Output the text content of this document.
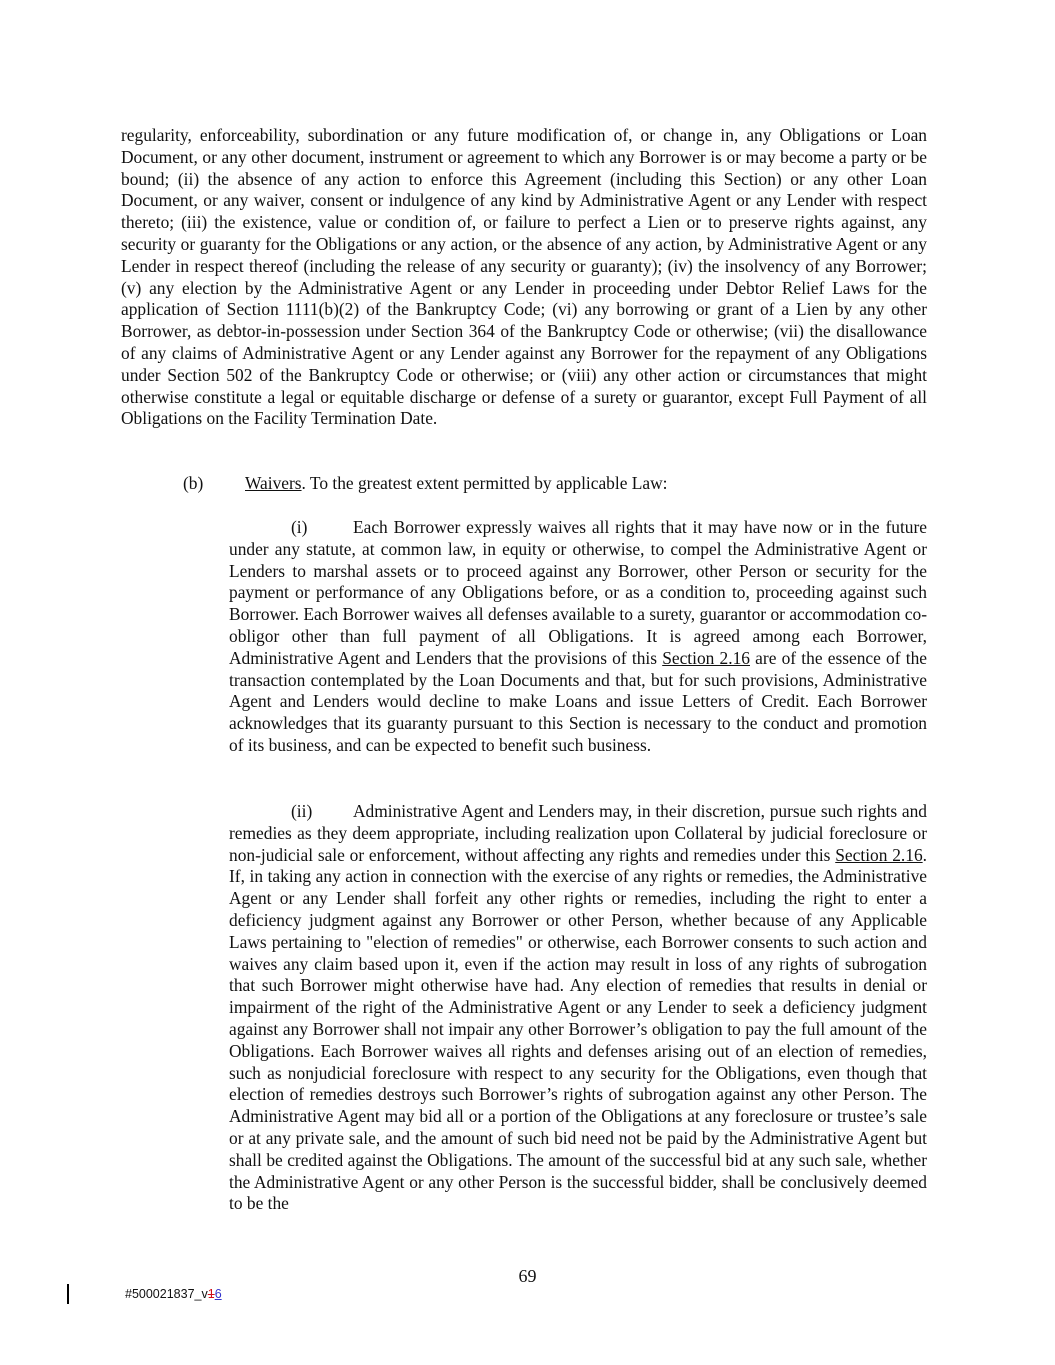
regularity, enforceability, subordination or any future modification of, or change in, any Obligations or Loan Document, or any other document, instrument or agreement to which any Borrower is or may become a party or be bound; (ii) the absence of any action to enforce this Agreement (including this Section) or any other Loan Document, or any waiver, consent or indulgence of any kind by Administrative Agent or any Lender with respect thereto; (iii) the existence, value or condition of, or failure to perfect a Lien or to preserve rights against, any security or guaranty for the Obligations or any action, or the absence of any action, by Administrative Agent or any Lender in respect thereof (including the release of any security or guaranty); (iv) the insolvency of any Borrower; (v) any election by the Administrative Agent or any Lender in proceeding under Debtor Relief Laws for the application of Section 1111(b)(2) of the Bankruptcy Code; (vi) any borrowing or grant of a Lien by any other Borrower, as debtor-in-possession under Section 364 of the Bankruptcy Code or otherwise; (vii) the disallowance of any claims of Administrative Agent or any Lender against any Borrower for the repayment of any Obligations under Section 502 of the Bankruptcy Code or otherwise; or (viii) any other action or circumstances that might otherwise constitute a legal or equitable discharge or defense of a surety or guarantor, except Full Payment of all Obligations on the Facility Termination Date.
(b) Waivers. To the greatest extent permitted by applicable Law:
(i)	Each Borrower expressly waives all rights that it may have now or in the future under any statute, at common law, in equity or otherwise, to compel the Administrative Agent or Lenders to marshal assets or to proceed against any Borrower, other Person or security for the payment or performance of any Obligations before, or as a condition to, proceeding against such Borrower. Each Borrower waives all defenses available to a surety, guarantor or accommodation co-obligor other than full payment of all Obligations. It is agreed among each Borrower, Administrative Agent and Lenders that the provisions of this Section 2.16 are of the essence of the transaction contemplated by the Loan Documents and that, but for such provisions, Administrative Agent and Lenders would decline to make Loans and issue Letters of Credit. Each Borrower acknowledges that its guaranty pursuant to this Section is necessary to the conduct and promotion of its business, and can be expected to benefit such business.
(ii) Administrative Agent and Lenders may, in their discretion, pursue such rights and remedies as they deem appropriate, including realization upon Collateral by judicial foreclosure or non-judicial sale or enforcement, without affecting any rights and remedies under this Section 2.16. If, in taking any action in connection with the exercise of any rights or remedies, the Administrative Agent or any Lender shall forfeit any other rights or remedies, including the right to enter a deficiency judgment against any Borrower or other Person, whether because of any Applicable Laws pertaining to "election of remedies" or otherwise, each Borrower consents to such action and waives any claim based upon it, even if the action may result in loss of any rights of subrogation that such Borrower might otherwise have had. Any election of remedies that results in denial or impairment of the right of the Administrative Agent or any Lender to seek a deficiency judgment against any Borrower shall not impair any other Borrower’s obligation to pay the full amount of the Obligations. Each Borrower waives all rights and defenses arising out of an election of remedies, such as nonjudicial foreclosure with respect to any security for the Obligations, even though that election of remedies destroys such Borrower’s rights of subrogation against any other Person. The Administrative Agent may bid all or a portion of the Obligations at any foreclosure or trustee’s sale or at any private sale, and the amount of such bid need not be paid by the Administrative Agent but shall be credited against the Obligations. The amount of the successful bid at any such sale, whether the Administrative Agent or any other Person is the successful bidder, shall be conclusively deemed to be the
69
#500021837_v16
